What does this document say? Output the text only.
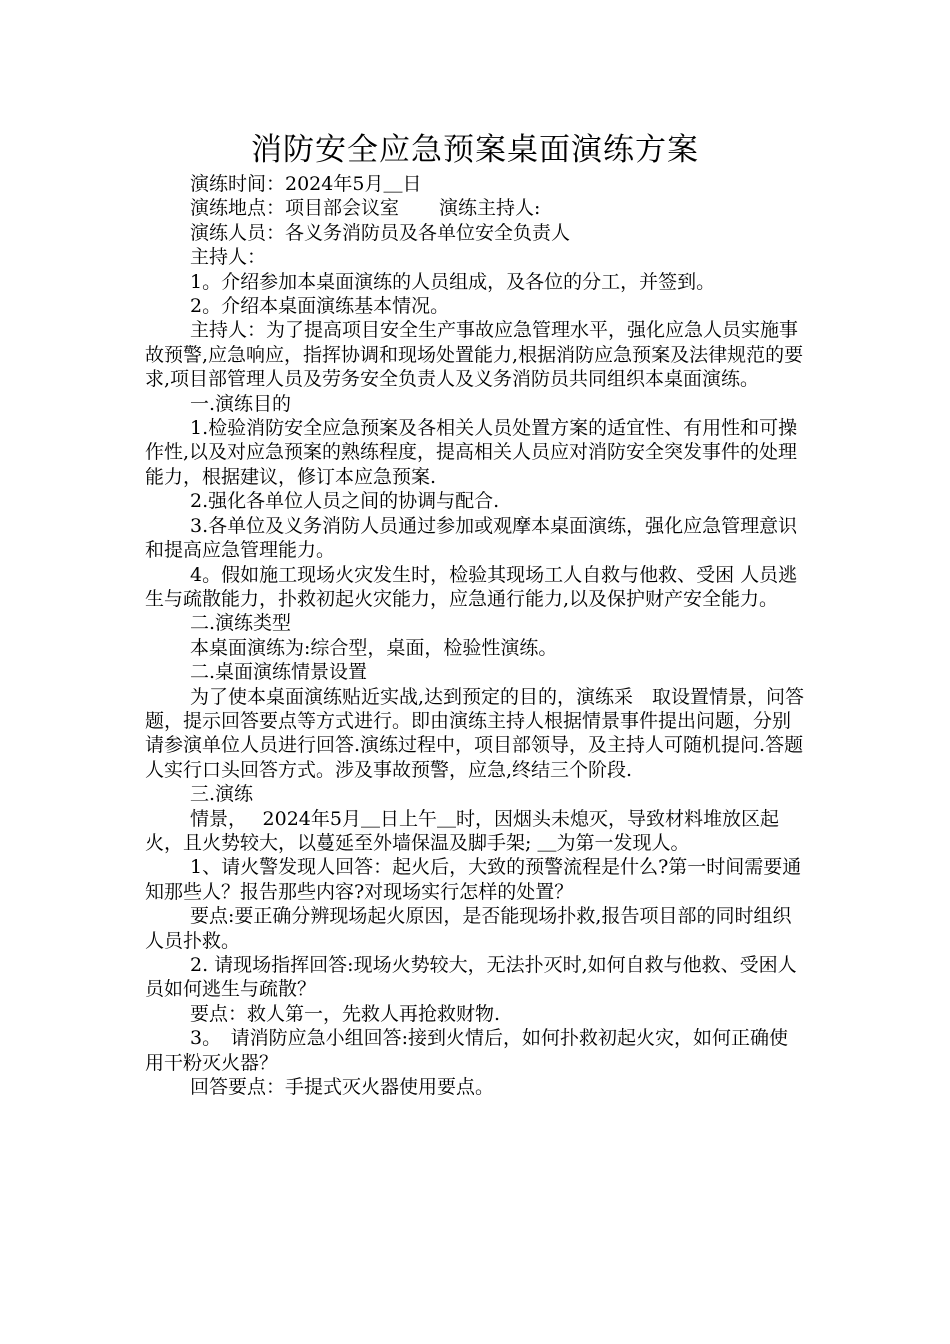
消防安全应急预案桌面演练方案

演练时间：2024年5月＿日

演练地点：项目部会议室 演练主持人:

演练人员：各义务消防员及各单位安全负责人

主持人：

1。介绍参加本桌面演练的人员组成，及各位的分工，并签到。

2。介绍本桌面演练基本情况。

主持人：为了提高项目安全生产事故应急管理水平，强化应急人员实施事故预警,应急响应，指挥协调和现场处置能力,根据消防应急预案及法律规范的要求,项目部管理人员及劳务安全负责人及义务消防员共同组织本桌面演练。

一.演练目的

1.检验消防安全应急预案及各相关人员处置方案的适宜性、有用性和可操作性,以及对应急预案的熟练程度，提高相关人员应对消防安全突发事件的处理能力，根据建议，修订本应急预案.

2.强化各单位人员之间的协调与配合.

3.各单位及义务消防人员通过参加或观摩本桌面演练，强化应急管理意识和提高应急管理能力。

4。假如施工现场火灾发生时，检验其现场工人自救与他救、受困 人员逃生与疏散能力，扑救初起火灾能力，应急通行能力,以及保护财产安全能力。

二.演练类型

本桌面演练为:综合型，桌面，检验性演练。

二.桌面演练情景设置

为了使本桌面演练贴近实战,达到预定的目的，演练采　取设置情景，问答题，提示回答要点等方式进行。即由演练主持人根据情景事件提出问题，分别请参演单位人员进行回答.演练过程中，项目部领导，及主持人可随机提问.答题人实行口头回答方式。涉及事故预警，应急,终结三个阶段.

三.演练

情景，　 2024年5月＿日上午＿时，因烟头未熄灭，导致材料堆放区起火，且火势较大，以蔓延至外墙保温及脚手架; ＿为第一发现人。

1、请火警发现人回答：起火后，大致的预警流程是什么?第一时间需要通知那些人？报告那些内容?对现场实行怎样的处置？

要点:要正确分辨现场起火原因，是否能现场扑救,报告项目部的同时组织人员扑救。

2. 请现场指挥回答:现场火势较大，无法扑灭时,如何自救与他救、受困人员如何逃生与疏散？

要点：救人第一，先救人再抢救财物.

3。　请消防应急小组回答:接到火情后，如何扑救初起火灾，如何正确使用干粉灭火器？

回答要点：手提式灭火器使用要点。
